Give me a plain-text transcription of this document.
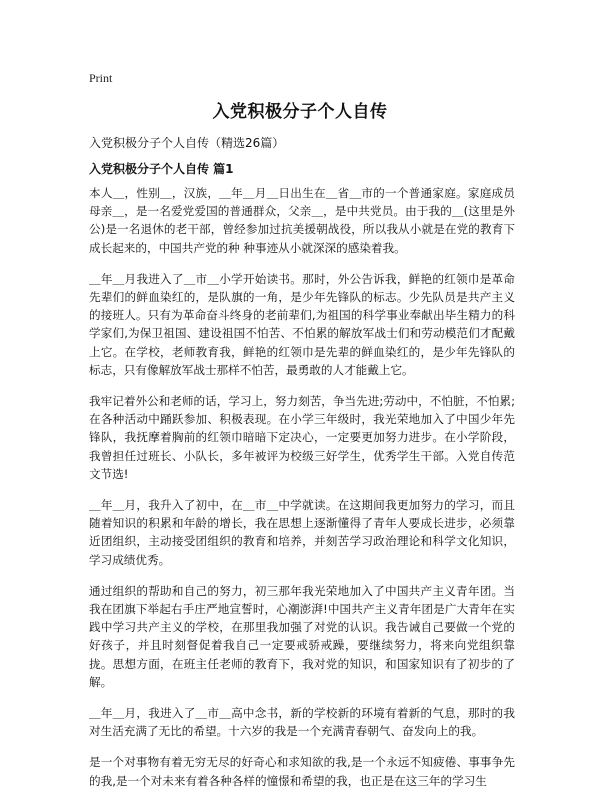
Print
入党积极分子个人自传
入党积极分子个人自传（精选26篇）
入党积极分子个人自传 篇1

本人＿，性别＿，汉族，＿年＿月＿日出生在＿省＿市的一个普通家庭。家庭成员母亲＿，是一名爱党爱国的普通群众，父亲＿，是中共党员。由于我的＿(这里是外公)是一名退休的老干部，曾经参加过抗美援朝战役，所以我从小就是在党的教育下成长起来的，中国共产党的种 种事迹从小就深深的感染着我。

＿年＿月我进入了＿市＿小学开始读书。那时，外公告诉我，鲜艳的红领巾是革命先辈们的鲜血染红的，是队旗的一角，是少年先锋队的标志。少先队员是共产主义的接班人。只有为革命奋斗终身的老前辈们,为祖国的科学事业奉献出毕生精力的科学家们,为保卫祖国、建设祖国不怕苦、不怕累的解放军战士们和劳动模范们才配戴上它。在学校，老师教育我，鲜艳的红领巾是先辈的鲜血染红的，是少年先锋队的标志，只有像解放军战士那样不怕苦，最勇敢的人才能戴上它。

我牢记着外公和老师的话，学习上，努力刻苦，争当先进;劳动中，不怕脏，不怕累;在各种活动中踊跃参加、积极表现。在小学三年级时，我光荣地加入了中国少年先锋队，我抚摩着胸前的红领巾暗暗下定决心，一定要更加努力进步。在小学阶段，我曾担任过班长、小队长，多年被评为校级三好学生，优秀学生干部。入党自传范文节选!

＿年＿月，我升入了初中，在＿市＿中学就读。在这期间我更加努力的学习，而且随着知识的积累和年龄的增长，我在思想上逐渐懂得了青年人要成长进步，必须靠近团组织，主动接受团组织的教育和培养，并刻苦学习政治理论和科学文化知识，学习成绩优秀。

通过组织的帮助和自己的努力，初三那年我光荣地加入了中国共产主义青年团。当我在团旗下举起右手庄严地宣誓时，心潮澎湃!中国共产主义青年团是广大青年在实践中学习共产主义的学校，在那里我加强了对党的认识。我告诫自己要做一个党的好孩子，并且时刻督促着我自己一定要戒骄戒躁，要继续努力，将来向党组织靠拢。思想方面，在班主任老师的教育下，我对党的知识，和国家知识有了初步的了解。

＿年＿月，我进入了＿市＿高中念书，新的学校新的环境有着新的气息，那时的我对生活充满了无比的希望。十六岁的我是一个充满青春朝气、奋发向上的我。

是一个对事物有着无穷无尽的好奇心和求知欲的我,是一个永远不知疲倦、事事争先的我,是一个对未来有着各种各样的憧憬和希望的我，也正是在这三年的学习生
